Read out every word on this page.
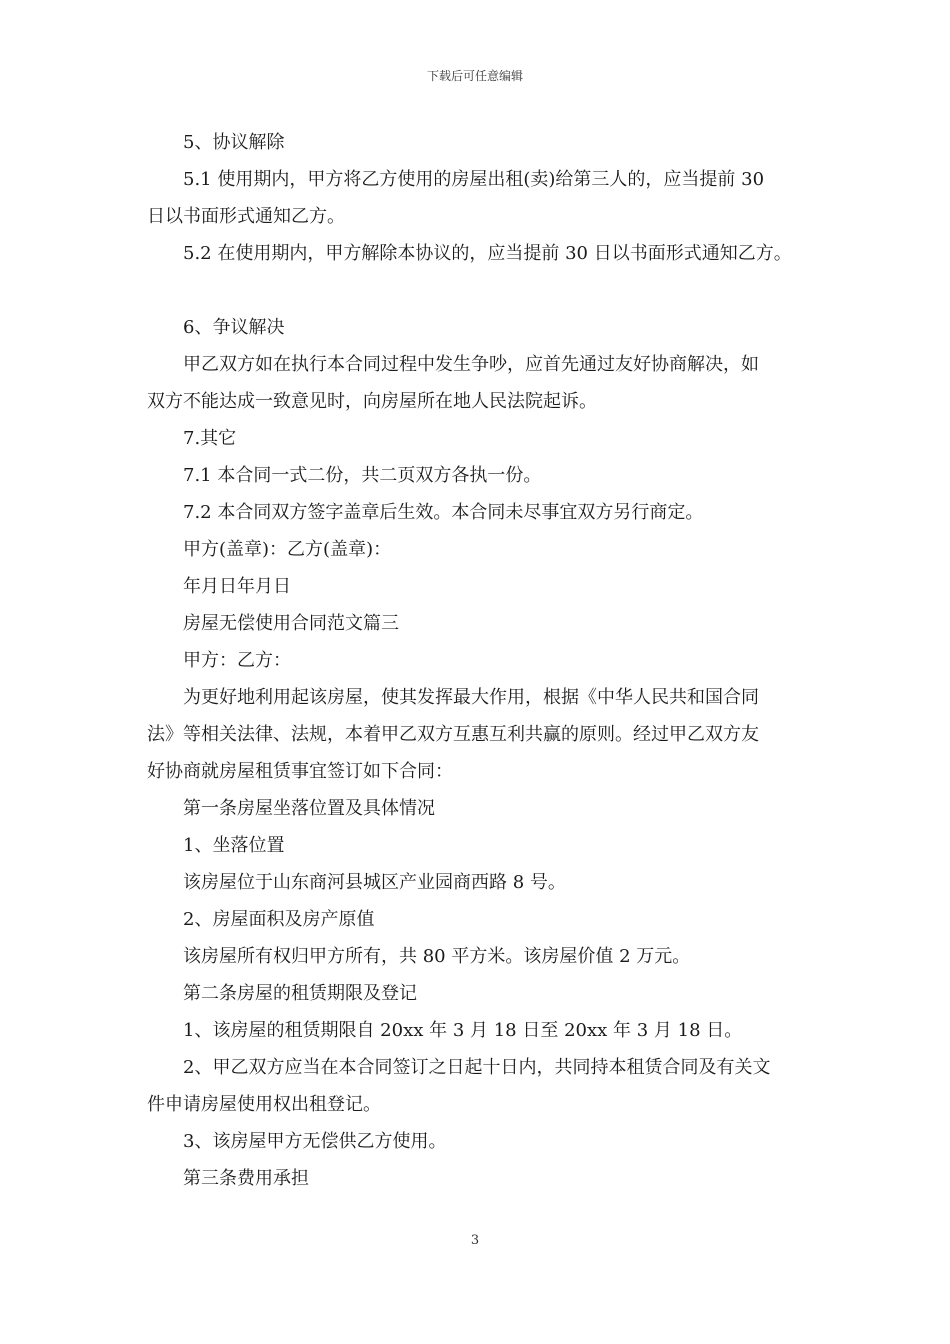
下载后可任意编辑

5、协议解除

5.1 使用期内，甲方将乙方使用的房屋出租(卖)给第三人的，应当提前 30

日以书面形式通知乙方。

5.2 在使用期内，甲方解除本协议的，应当提前 30 日以书面形式通知乙方。

6、争议解决

甲乙双方如在执行本合同过程中发生争吵，应首先通过友好协商解决，如

双方不能达成一致意见时，向房屋所在地人民法院起诉。

7.其它

7.1 本合同一式二份，共二页双方各执一份。

7.2 本合同双方签字盖章后生效。本合同未尽事宜双方另行商定。

甲方(盖章)：乙方(盖章)：

年月日年月日

房屋无偿使用合同范文篇三

甲方：乙方：

为更好地利用起该房屋，使其发挥最大作用，根据《中华人民共和国合同

法》等相关法律、法规，本着甲乙双方互惠互利共赢的原则。经过甲乙双方友

好协商就房屋租赁事宜签订如下合同：

第一条房屋坐落位置及具体情况

1、坐落位置

该房屋位于山东商河县城区产业园商西路 8 号。

2、房屋面积及房产原值

该房屋所有权归甲方所有，共 80 平方米。该房屋价值 2 万元。

第二条房屋的租赁期限及登记

1、该房屋的租赁期限自 20xx 年 3 月 18 日至 20xx 年 3 月 18 日。

2、甲乙双方应当在本合同签订之日起十日内，共同持本租赁合同及有关文

件申请房屋使用权出租登记。

3、该房屋甲方无偿供乙方使用。

第三条费用承担

3
